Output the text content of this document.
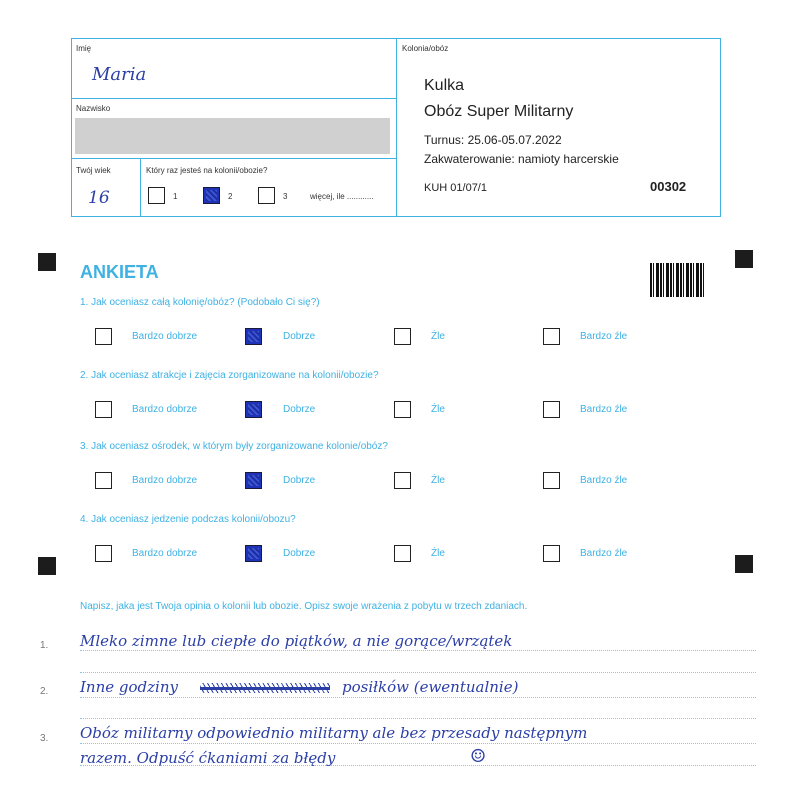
Imię
Maria
Nazwisko
Twój wiek
16
Który raz jesteś na kolonii/obozie?
1	2	3	więcej, ile ............
Kolonia/obóz
Kulka
Obóz Super Militarny
Turnus: 25.06-05.07.2022
Zakwaterowanie: namioty harcerskie
KUH 01/07/1	00302
ANKIETA
1. Jak oceniasz całą kolonię/obóz? (Podobało Ci się?)
Bardzo dobrze	Dobrze	Źle	Bardzo źle
2. Jak oceniasz atrakcje i zajęcia zorganizowane na kolonii/obozie?
Bardzo dobrze	Dobrze	Źle	Bardzo źle
3. Jak oceniasz ośrodek, w którym były zorganizowane kolonie/obóz?
Bardzo dobrze	Dobrze	Źle	Bardzo źle
4. Jak oceniasz jedzenie podczas kolonii/obozu?
Bardzo dobrze	Dobrze	Źle	Bardzo źle
Napisz, jaka jest Twoja opinia o kolonii lub obozie. Opisz swoje wrażenia z pobytu w trzech zdaniach.
1.
2.
3.
Mleko zimne lub ciepłe do piątków, a nie gorące/wrzątek
Inne godziny	posiłków (ewentualnie)
Obóz militarny odpowiednio militarny ale bez przesady następnym
razem. Odpuść ćkaniami za błędy	☺
